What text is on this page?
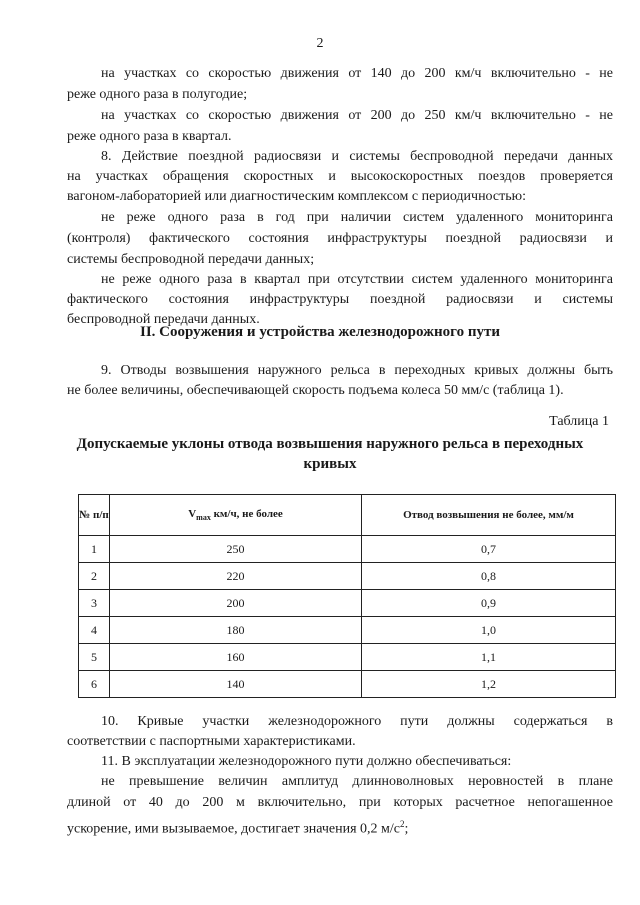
2
на участках со скоростью движения от 140 до 200 км/ч включительно - не
реже одного раза в полугодие;
на участках со скоростью движения от 200 до 250 км/ч включительно - не
реже одного раза в квартал.
8. Действие поездной радиосвязи и системы беспроводной передачи данных
на участках обращения скоростных и высокоскоростных поездов проверяется
вагоном-лабораторией или диагностическим комплексом с периодичностью:
не реже одного раза в год при наличии систем удаленного мониторинга
(контроля) фактического состояния инфраструктуры поездной радиосвязи и
системы беспроводной передачи данных;
не реже одного раза в квартал при отсутствии систем удаленного мониторинга
фактического состояния инфраструктуры поездной радиосвязи и системы
беспроводной передачи данных.
II. Сооружения и устройства железнодорожного пути
9. Отводы возвышения наружного рельса в переходных кривых должны быть
не более величины, обеспечивающей скорость подъема колеса 50 мм/с (таблица 1).
Таблица 1
Допускаемые уклоны отвода возвышения наружного рельса в переходных кривых
№ п/п	$V_{max}$ км/ч, не более	Отвод возвышения не более, мм/м
1	250	0,7
2	220	0,8
3	200	0,9
4	180	1,0
5	160	1,1
6	140	1,2
10. Кривые участки железнодорожного пути должны содержаться в
соответствии с паспортными характеристиками.
11. В эксплуатации железнодорожного пути должно обеспечиваться:
не превышение величин амплитуд длинноволновых неровностей в плане
длиной от 40 до 200 м включительно, при которых расчетное непогашенное
ускорение, ими вызываемое, достигает значения 0,2 $м/с^2$;
